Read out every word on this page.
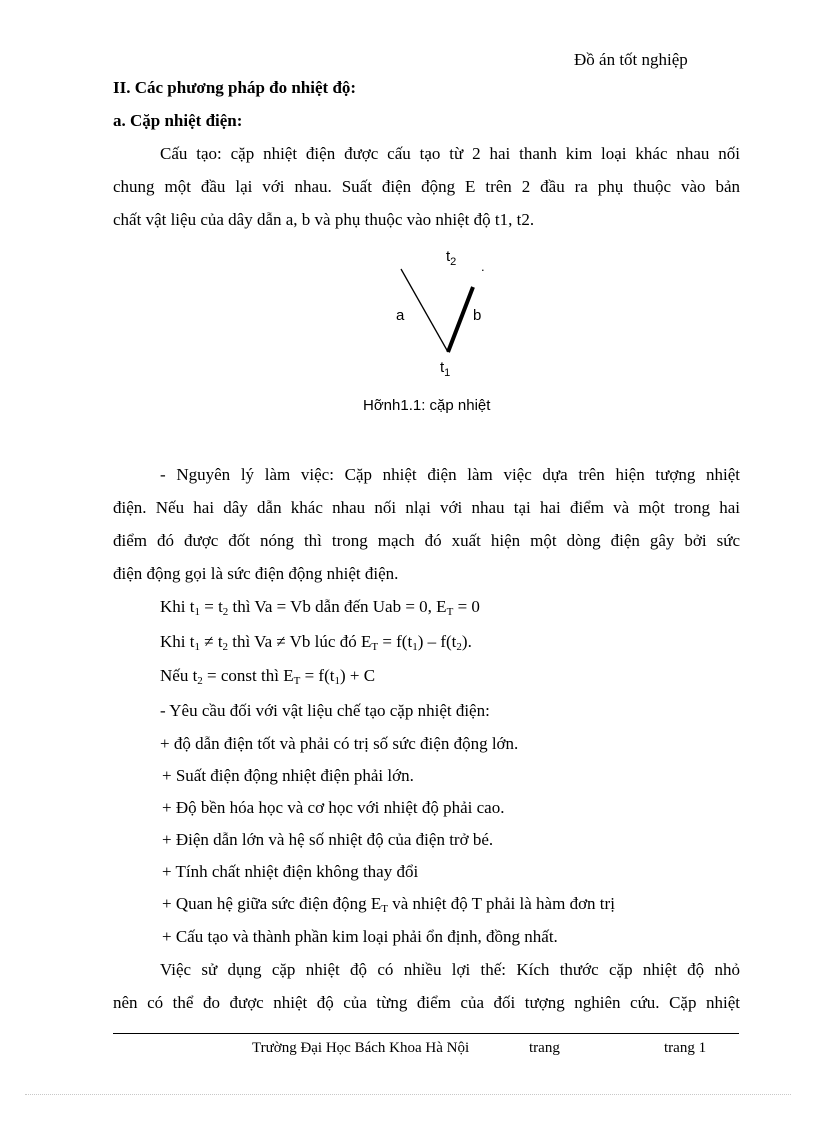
Đồ án tốt nghiệp
II. Các phương pháp đo nhiệt độ:
a. Cặp nhiệt điện:
Cấu tạo: cặp nhiệt điện được cấu tạo từ 2 hai thanh kim loại khác nhau nối
chung một đầu lại với nhau. Suất điện động E trên 2 đầu ra phụ thuộc vào bản
chất vật liệu của dây dẫn a, b và phụ thuộc vào nhiệt độ t1, t2.
$t_2$ .
a	b
$t_1$
Hỡnh1.1: cặp nhiệt
- Nguyên lý làm việc: Cặp nhiệt điện làm việc dựa trên hiện tượng nhiệt
điện. Nếu hai dây dẫn khác nhau nối nlại với nhau tại hai điểm và một trong hai
điểm đó được đốt nóng thì trong mạch đó xuất hiện một dòng điện gây bởi sức
điện động gọi là sức điện động nhiệt điện.
Khi $t_1 = t_2$ thì Va = Vb dẫn đến Uab = 0, $E_T = 0$
Khi $t_1 \ne t_2$ thì Va ≠ Vb lúc đó $E_T = f(t_1) - f(t_2)$.
Nếu $t_2$ = const thì $E_T = f(t_1) + C$
- Yêu cầu đối với vật liệu chế tạo cặp nhiệt điện:
+ độ dẫn điện tốt và phải có trị số sức điện động lớn.
+ Suất điện động nhiệt điện phải lớn.
+ Độ bền hóa học và cơ học với nhiệt độ phải cao.
+ Điện dẫn lớn và hệ số nhiệt độ của điện trở bé.
+ Tính chất nhiệt điện không thay đổi
+ Quan hệ giữa sức điện động $E_T$ và nhiệt độ T phải là hàm đơn trị
+ Cấu tạo và thành phần kim loại phải ổn định, đồng nhất.
Việc sử dụng cặp nhiệt độ có nhiều lợi thế: Kích thước cặp nhiệt độ nhỏ
nên có thể đo được nhiệt độ của từng điểm của đối tượng nghiên cứu. Cặp nhiệt
Trường Đại Học Bách Khoa Hà Nội	trang	trang 1
